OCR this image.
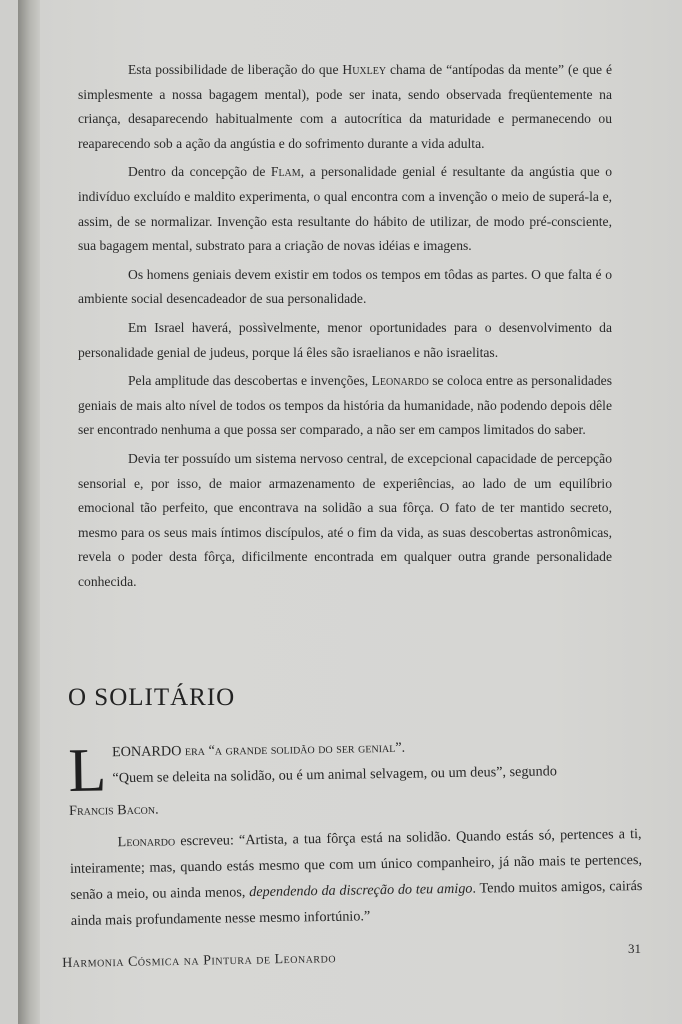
Esta possibilidade de liberação do que Huxley chama de “antípodas da mente” (e que é simplesmente a nossa bagagem mental), pode ser inata, sendo observada freqüentemente na criança, desaparecendo habitualmente com a autocrítica da maturidade e permanecendo ou reaparecendo sob a ação da angústia e do sofrimento durante a vida adulta.

Dentro da concepção de Flam, a personalidade genial é resultante da angústia que o indivíduo excluído e maldito experimenta, o qual encontra com a invenção o meio de superá-la e, assim, de se normalizar. Invenção esta resultante do hábito de utilizar, de modo pré-consciente, sua bagagem mental, substrato para a criação de novas idéias e imagens.

Os homens geniais devem existir em todos os tempos em tôdas as partes. O que falta é o ambiente social desencadeador de sua personalidade.

Em Israel haverá, possìvelmente, menor oportunidades para o desenvolvimento da personalidade genial de judeus, porque lá êles são israelianos e não israelitas.

Pela amplitude das descobertas e invenções, Leonardo se coloca entre as personalidades geniais de mais alto nível de todos os tempos da história da humanidade, não podendo depois dêle ser encontrado nenhuma a que possa ser comparado, a não ser em campos limitados do saber.

Devia ter possuído um sistema nervoso central, de excepcional capacidade de percepção sensorial e, por isso, de maior armazenamento de experiências, ao lado de um equilíbrio emocional tão perfeito, que encontrava na solidão a sua fôrça. O fato de ter mantido secreto, mesmo para os seus mais íntimos discípulos, até o fim da vida, as suas descobertas astronômicas, revela o poder desta fôrça, dificilmente encontrada em qualquer outra grande personalidade conhecida.

O SOLITÁRIO

LEONARDO era “a grande solidão do ser genial”.
“Quem se deleita na solidão, ou é um animal selvagem, ou um deus”, segundo

Francis Bacon.

Leonardo escreveu: “Artista, a tua fôrça está na solidão. Quando estás só, pertences a ti, inteiramente; mas, quando estás mesmo que com um único companheiro, já não mais te pertences, senão a meio, ou ainda menos, dependendo da discreção do teu amigo. Tendo muitos amigos, cairás ainda mais profundamente nesse mesmo infortúnio.”

31
Harmonia Cósmica na Pintura de Leonardo
